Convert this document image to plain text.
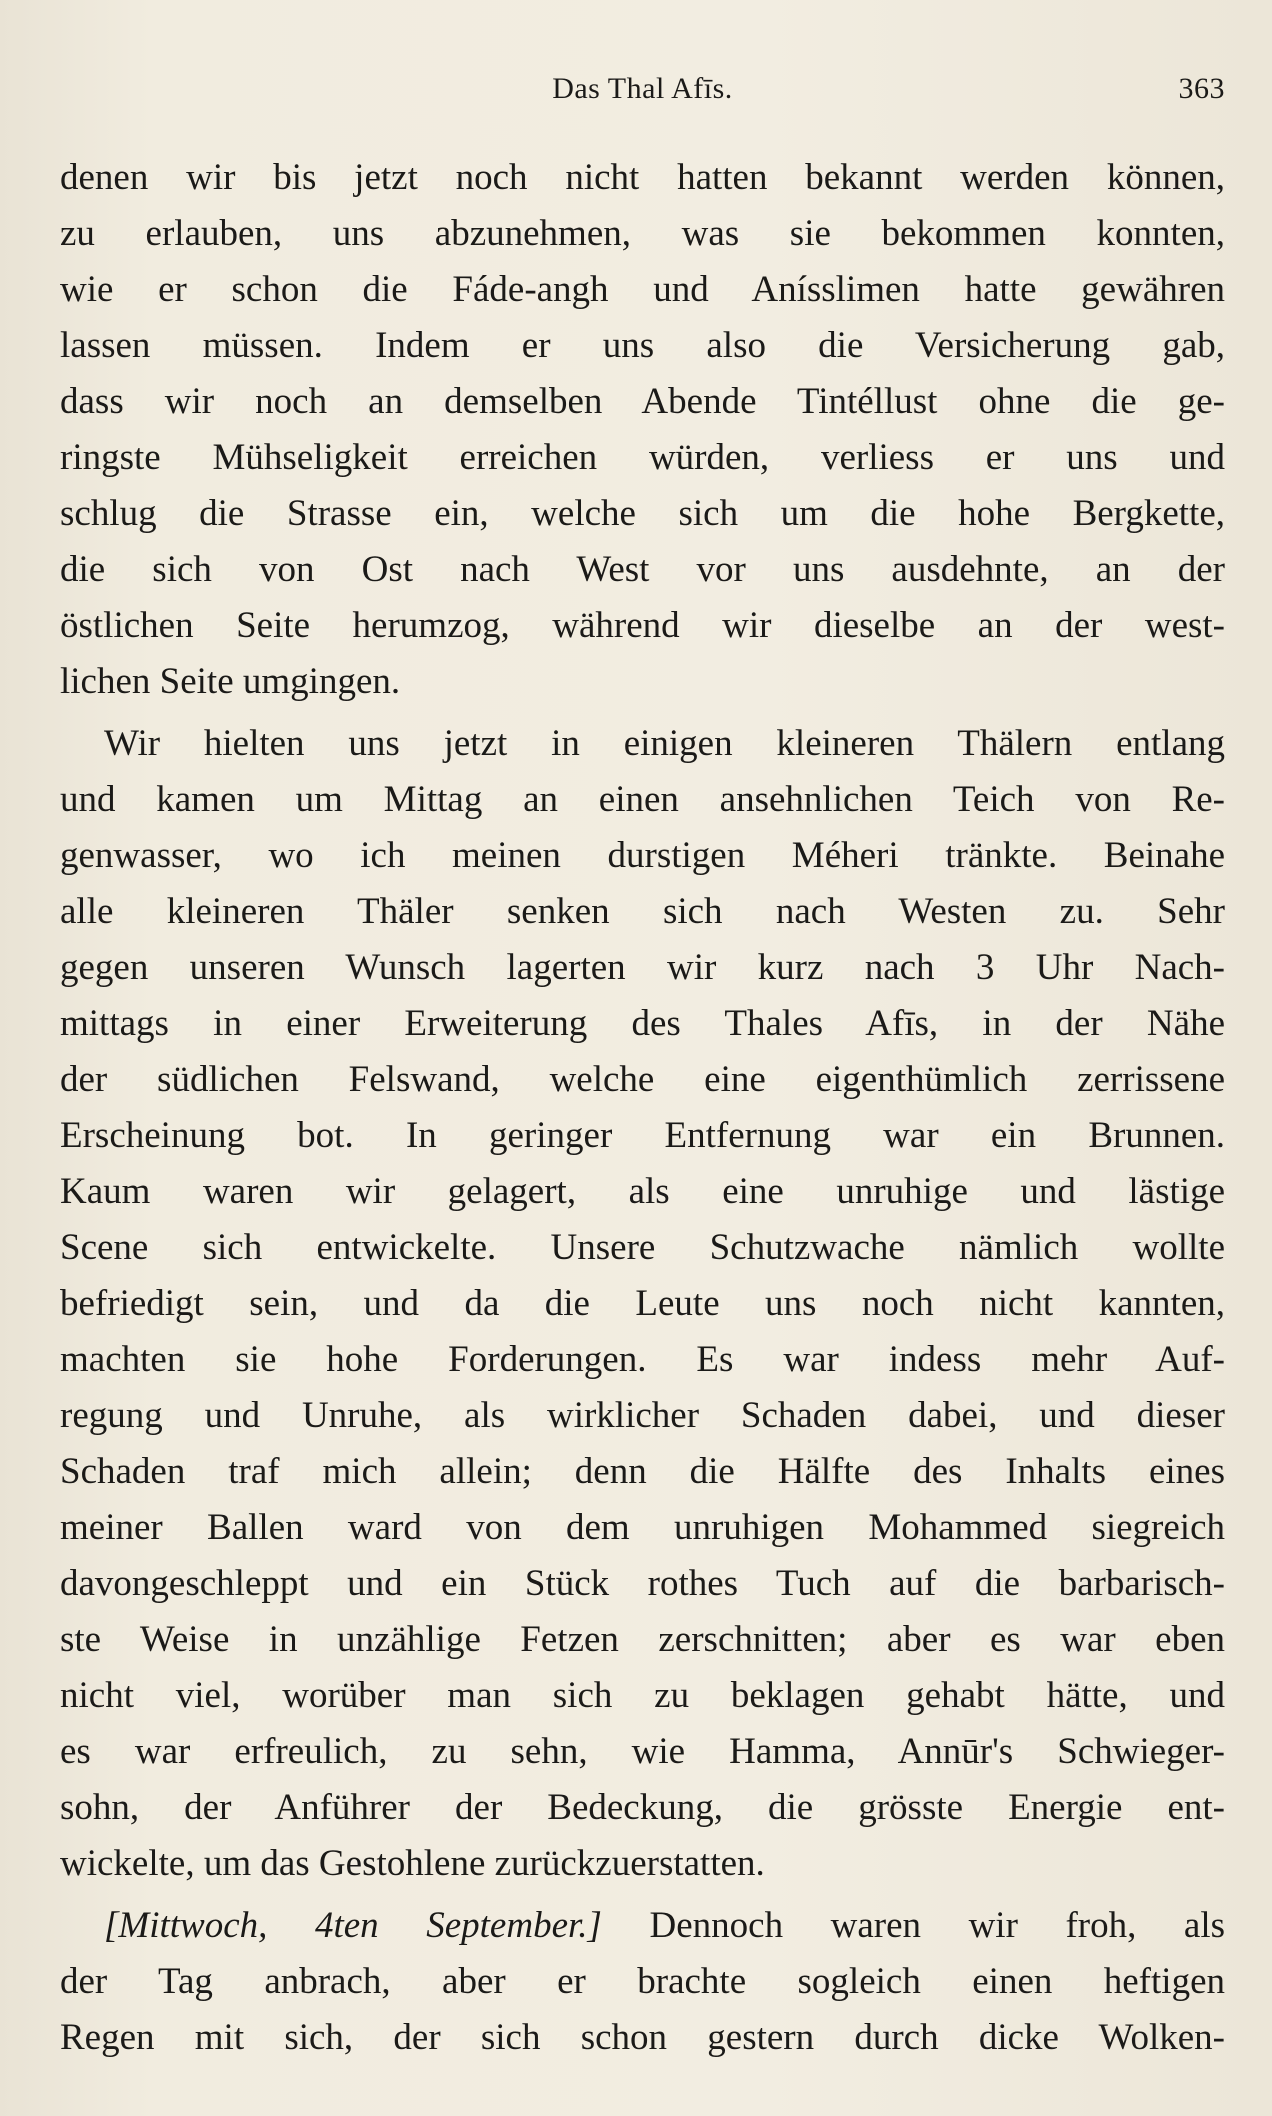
Das Thal Afīs.	363
denen wir bis jetzt noch nicht hatten bekannt werden können,
zu erlauben, uns abzunehmen, was sie bekommen konnten,
wie er schon die Fáde-angh und Anísslimen hatte gewähren
lassen müssen. Indem er uns also die Versicherung gab,
dass wir noch an demselben Abende Tintéllust ohne die ge-
ringste Mühseligkeit erreichen würden, verliess er uns und
schlug die Strasse ein, welche sich um die hohe Bergkette,
die sich von Ost nach West vor uns ausdehnte, an der
östlichen Seite herumzog, während wir dieselbe an der west-
lichen Seite umgingen.
Wir hielten uns jetzt in einigen kleineren Thälern entlang
und kamen um Mittag an einen ansehnlichen Teich von Re-
genwasser, wo ich meinen durstigen Méheri tränkte. Beinahe
alle kleineren Thäler senken sich nach Westen zu. Sehr
gegen unseren Wunsch lagerten wir kurz nach 3 Uhr Nach-
mittags in einer Erweiterung des Thales Afīs, in der Nähe
der südlichen Felswand, welche eine eigenthümlich zerrissene
Erscheinung bot. In geringer Entfernung war ein Brunnen.
Kaum waren wir gelagert, als eine unruhige und lästige
Scene sich entwickelte. Unsere Schutzwache nämlich wollte
befriedigt sein, und da die Leute uns noch nicht kannten,
machten sie hohe Forderungen. Es war indess mehr Auf-
regung und Unruhe, als wirklicher Schaden dabei, und dieser
Schaden traf mich allein; denn die Hälfte des Inhalts eines
meiner Ballen ward von dem unruhigen Mohammed siegreich
davongeschleppt und ein Stück rothes Tuch auf die barbarisch-
ste Weise in unzählige Fetzen zerschnitten; aber es war eben
nicht viel, worüber man sich zu beklagen gehabt hätte, und
es war erfreulich, zu sehn, wie Hamma, Annūr's Schwieger-
sohn, der Anführer der Bedeckung, die grösste Energie ent-
wickelte, um das Gestohlene zurückzuerstatten.
[Mittwoch, 4ten September.] Dennoch waren wir froh, als
der Tag anbrach, aber er brachte sogleich einen heftigen
Regen mit sich, der sich schon gestern durch dicke Wolken-
